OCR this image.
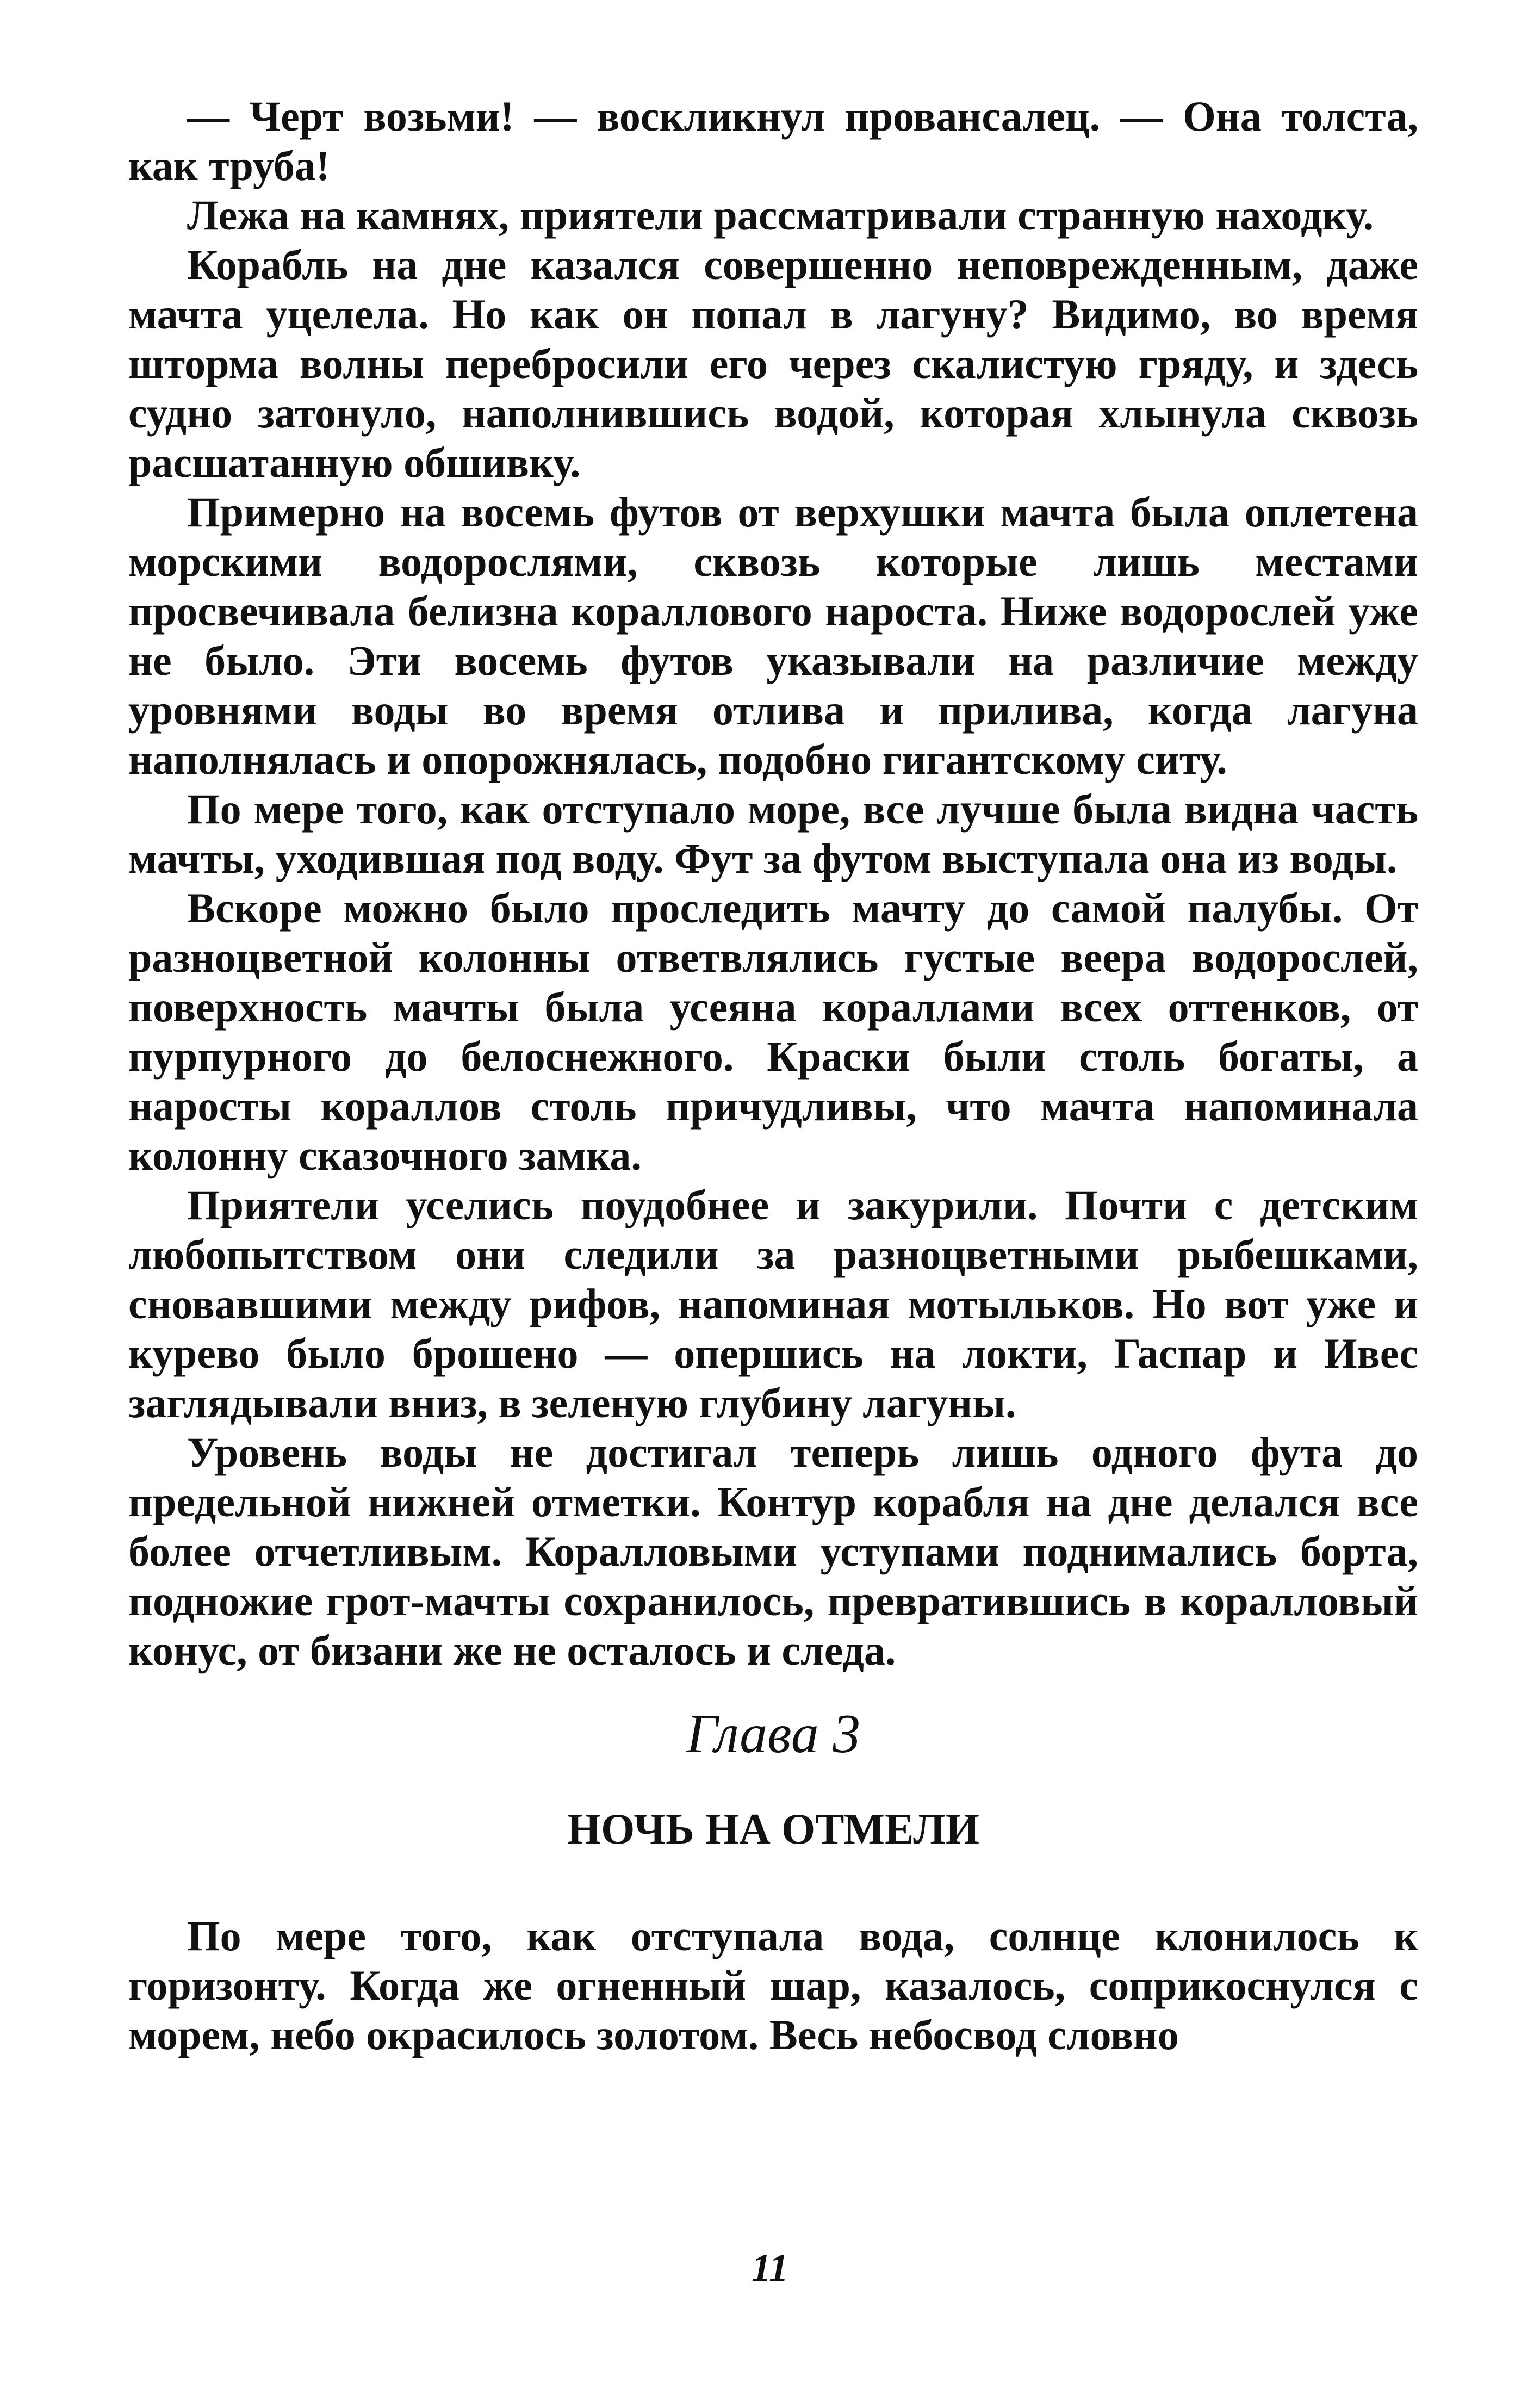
— Черт возьми! — воскликнул провансалец. — Она толста, как труба!

Лежа на камнях, приятели рассматривали странную находку.

Корабль на дне казался совершенно неповрежденным, даже мачта уцелела. Но как он попал в лагуну? Видимо, во время шторма волны перебросили его через скалистую гряду, и здесь судно затонуло, наполнившись водой, которая хлынула сквозь расшатанную обшивку.

Примерно на восемь футов от верхушки мачта была оплетена морскими водорослями, сквозь которые лишь местами просвечивала белизна кораллового нароста. Ниже водорослей уже не было. Эти восемь футов указывали на различие между уровнями воды во время отлива и прилива, когда лагуна наполнялась и опорожнялась, подобно гигантскому ситу.

По мере того, как отступало море, все лучше была видна часть мачты, уходившая под воду. Фут за футом выступала она из воды.

Вскоре можно было проследить мачту до самой палубы. От разноцветной колонны ответвлялись густые веера водорослей, поверхность мачты была усеяна кораллами всех оттенков, от пурпурного до белоснежного. Краски были столь богаты, а наросты кораллов столь причудливы, что мачта напоминала колонну сказочного замка.

Приятели уселись поудобнее и закурили. Почти с детским любопытством они следили за разноцветными рыбешками, сновавшими между рифов, напоминая мотыльков. Но вот уже и курево было брошено — опершись на локти, Гаспар и Ивес заглядывали вниз, в зеленую глубину лагуны.

Уровень воды не достигал теперь лишь одного фута до предельной нижней отметки. Контур корабля на дне делался все более отчетливым. Коралловыми уступами поднимались борта, подножие грот-мачты сохранилось, превратившись в коралловый конус, от бизани же не осталось и следа.

Глава 3
НОЧЬ НА ОТМЕЛИ

По мере того, как отступала вода, солнце клонилось к горизонту. Когда же огненный шар, казалось, соприкоснулся с морем, небо окрасилось золотом. Весь небосвод словно

11
